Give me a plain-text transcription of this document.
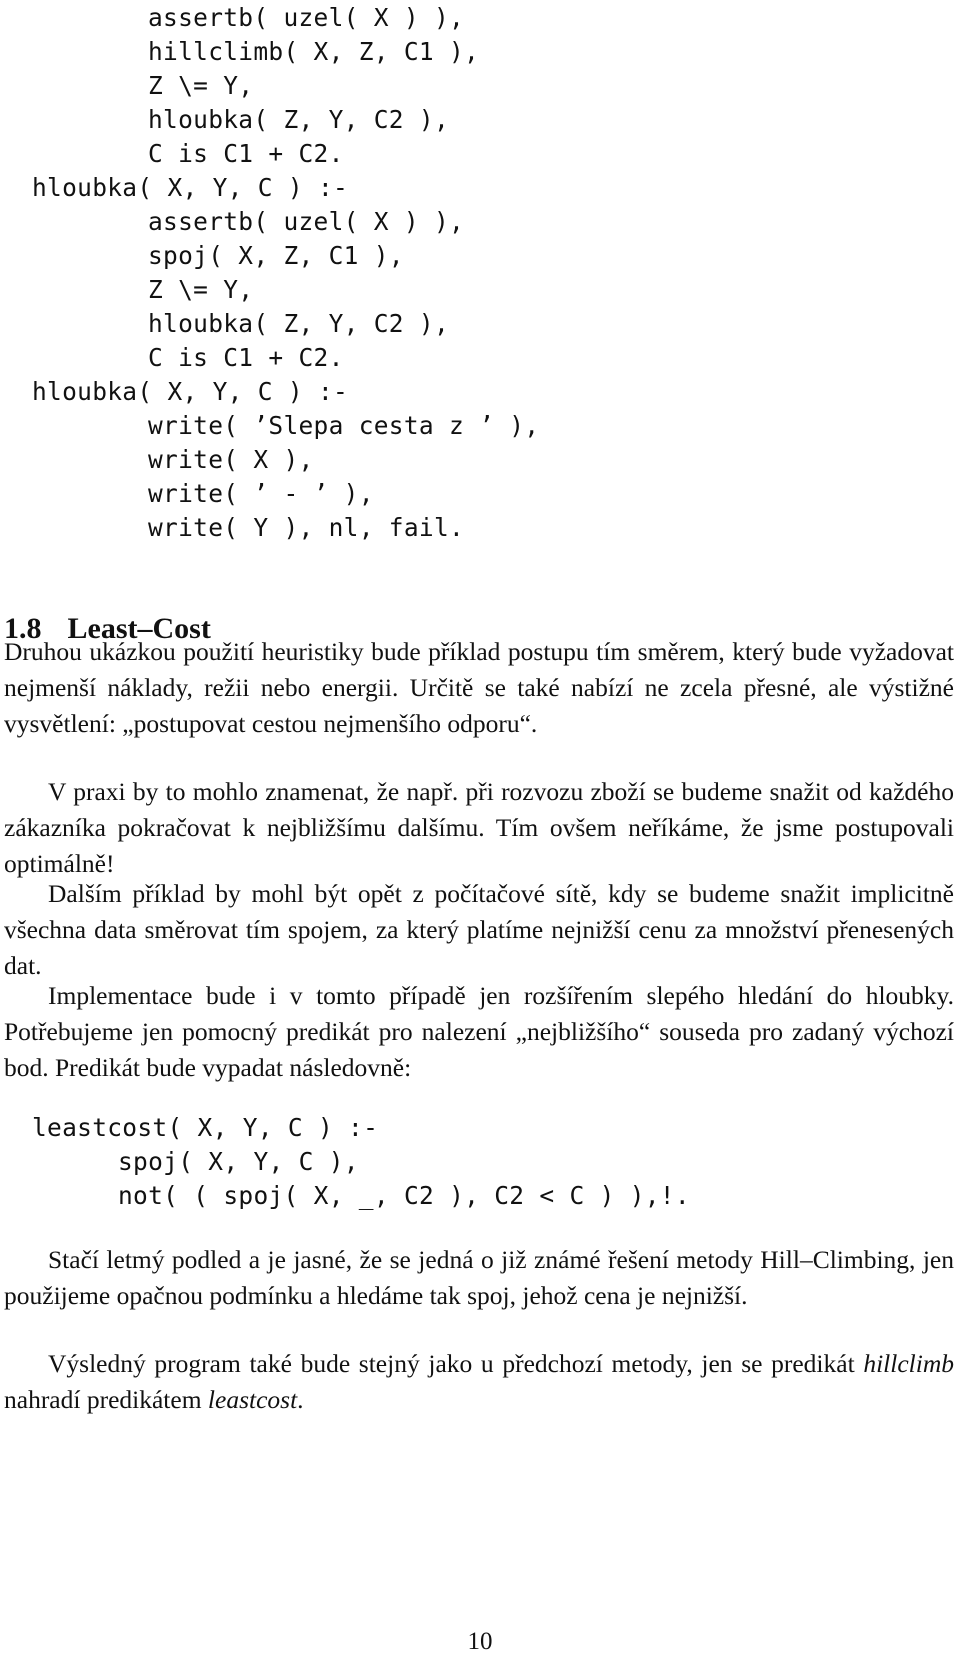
assertb( uzel( X ) ),
hillclimb( X, Z, C1 ),
Z \= Y,
hloubka( Z, Y, C2 ),
C is C1 + C2.
hloubka( X, Y, C ) :-
assertb( uzel( X ) ),
spoj( X, Z, C1 ),
Z \= Y,
hloubka( Z, Y, C2 ),
C is C1 + C2.
hloubka( X, Y, C ) :-
write( ’Slepa cesta z ’ ),
write( X ),
write( ’ - ’ ),
write( Y ), nl, fail.
1.8 Least–Cost

Druhou ukázkou použití heuristiky bude příklad postupu tím směrem, který bude vyžadovat nejmenší náklady, režii nebo energii. Určitě se také nabízí ne zcela přesné, ale výstižné vysvětlení: „postupovat cestou nejmenšího odporu“.

V praxi by to mohlo znamenat, že např. při rozvozu zboží se budeme snažit od každého zákazníka pokračovat k nejbližšímu dalšímu. Tím ovšem neříkáme, že jsme postupovali optimálně!

Dalším příklad by mohl být opět z počítačové sítě, kdy se budeme snažit implicitně všechna data směrovat tím spojem, za který platíme nejnižší cenu za množství přenesených dat.

Implementace bude i v tomto případě jen rozšířením slepého hledání do hloubky. Potřebujeme jen pomocný predikát pro nalezení „nejbližšího“ souseda pro zadaný výchozí bod. Predikát bude vypadat následovně:

leastcost( X, Y, C ) :-
spoj( X, Y, C ),
not( ( spoj( X, _, C2 ), C2 < C ) ),!.

Stačí letmý podled a je jasné, že se jedná o již známé řešení metody Hill–Climbing, jen použijeme opačnou podmínku a hledáme tak spoj, jehož cena je nejnižší.

Výsledný program také bude stejný jako u předchozí metody, jen se predikát hillclimb nahradí predikátem leastcost.

10
